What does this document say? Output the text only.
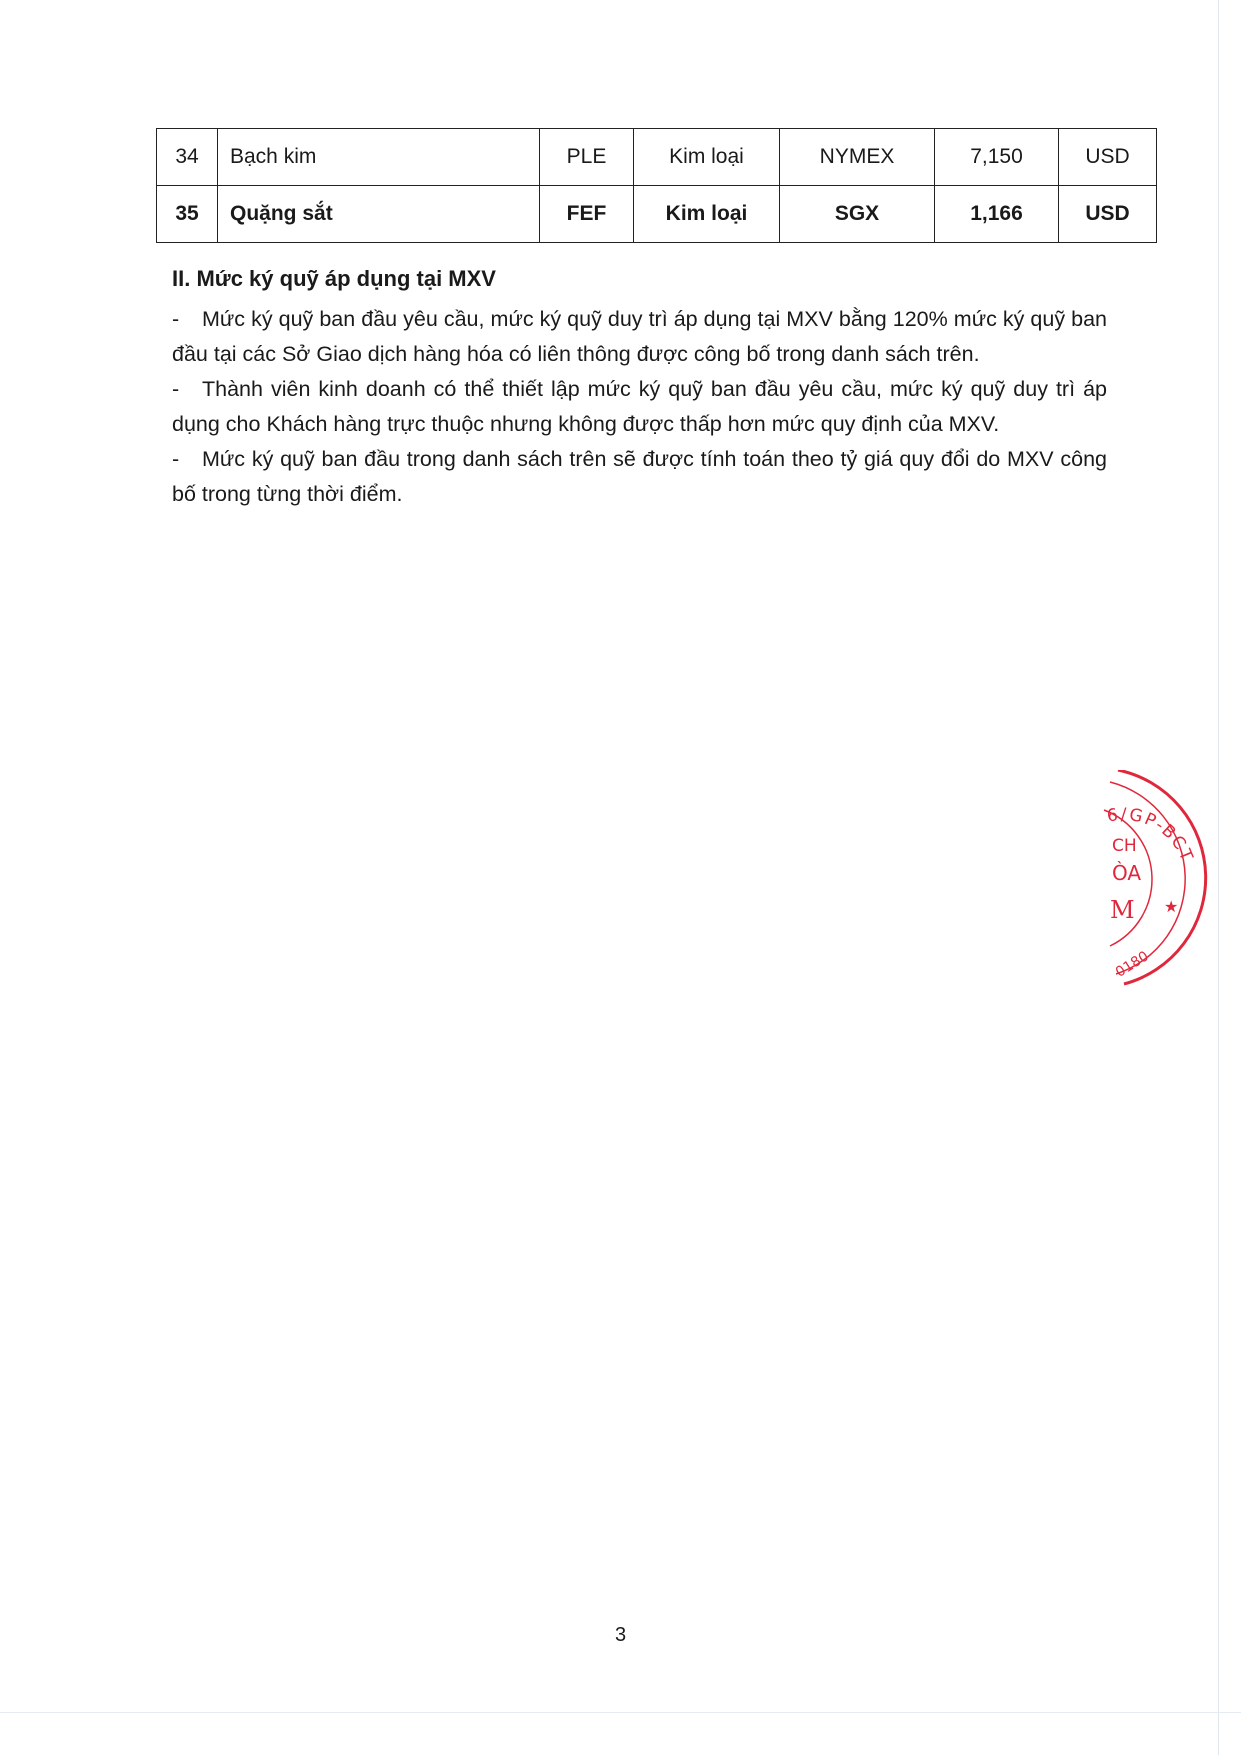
34	Bạch kim	PLE	Kim loại	NYMEX	7,150	USD
35	Quặng sắt	FEF	Kim loại	SGX	1,166	USD
II. Mức ký quỹ áp dụng tại MXV

- Mức ký quỹ ban đầu yêu cầu, mức ký quỹ duy trì áp dụng tại MXV bằng 120% mức ký quỹ ban đầu tại các Sở Giao dịch hàng hóa có liên thông được công bố trong danh sách trên.

- Thành viên kinh doanh có thể thiết lập mức ký quỹ ban đầu yêu cầu, mức ký quỹ duy trì áp dụng cho Khách hàng trực thuộc nhưng không được thấp hơn mức quy định của MXV.

- Mức ký quỹ ban đầu trong danh sách trên sẽ được tính toán theo tỷ giá quy đổi do MXV công bố trong từng thời điểm.

6/GP-BCT
CH
ÒA
M ★
0180
3
